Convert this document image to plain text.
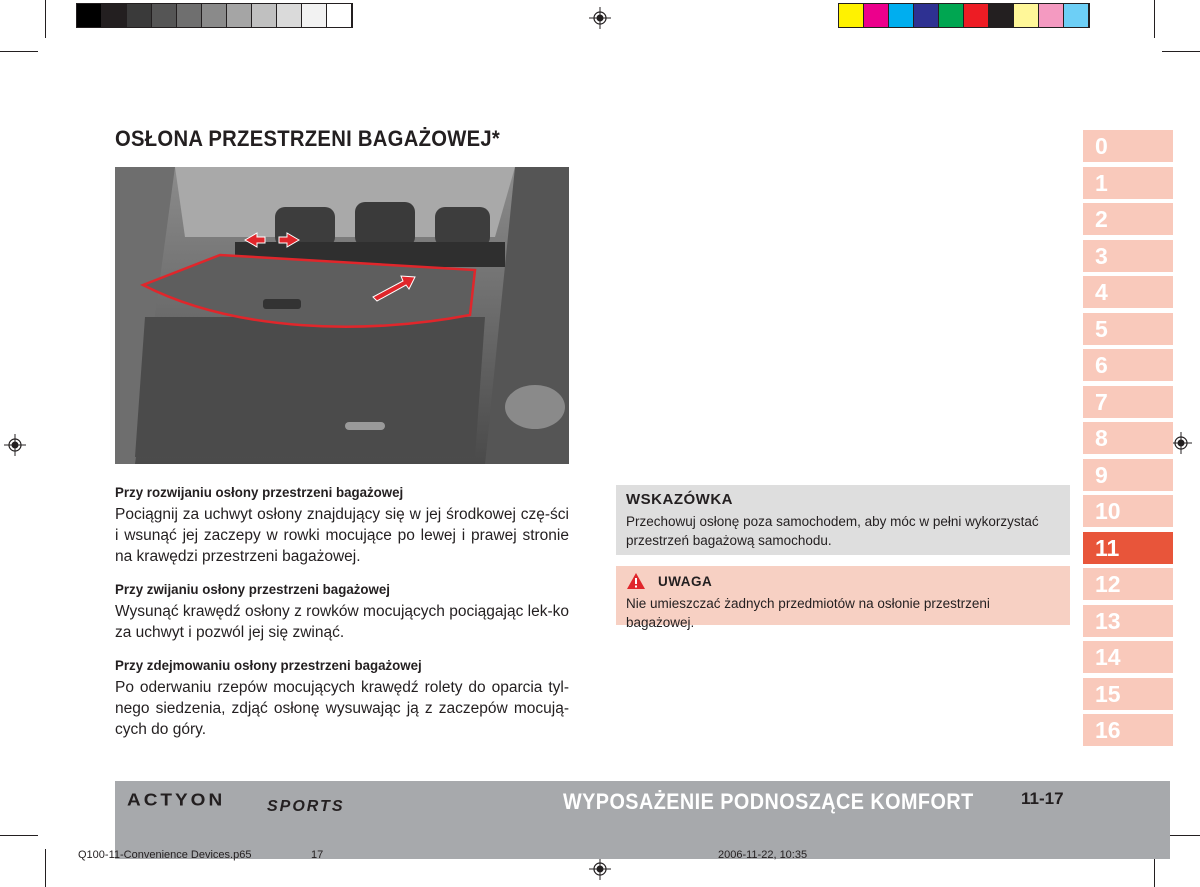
OSŁONA PRZESTRZENI BAGAŻOWEJ*
Przy rozwijaniu osłony przestrzeni bagażowej

Pociągnij za uchwyt osłony znajdujący się w jej środkowej czę-ści i wsunąć jej zaczepy w rowki mocujące po lewej i prawej stronie na krawędzi przestrzeni bagażowej.

Przy zwijaniu osłony przestrzeni bagażowej

Wysunąć krawędź osłony z rowków mocujących pociągając lek-ko za uchwyt i pozwól jej się zwinąć.

Przy zdejmowaniu osłony przestrzeni bagażowej

Po oderwaniu rzepów mocujących krawędź rolety do oparcia tyl-nego siedzenia, zdjąć osłonę wysuwając ją z zaczepów mocują-cych do góry.

WSKAZÓWKA

Przechowuj osłonę poza samochodem, aby móc w pełni wykorzystać przestrzeń bagażową samochodu.

UWAGA

Nie umieszczać żadnych przedmiotów na osłonie przestrzeni bagażowej.

0
1
2
3
4
5
6
7
8
9
10
11
12
13
14
15
16
ACTYON	SPORTS	WYPOSAŻENIE PODNOSZĄCE KOMFORT	11-17
Q100-11-Convenience Devices.p65	17	2006-11-22, 10:35
